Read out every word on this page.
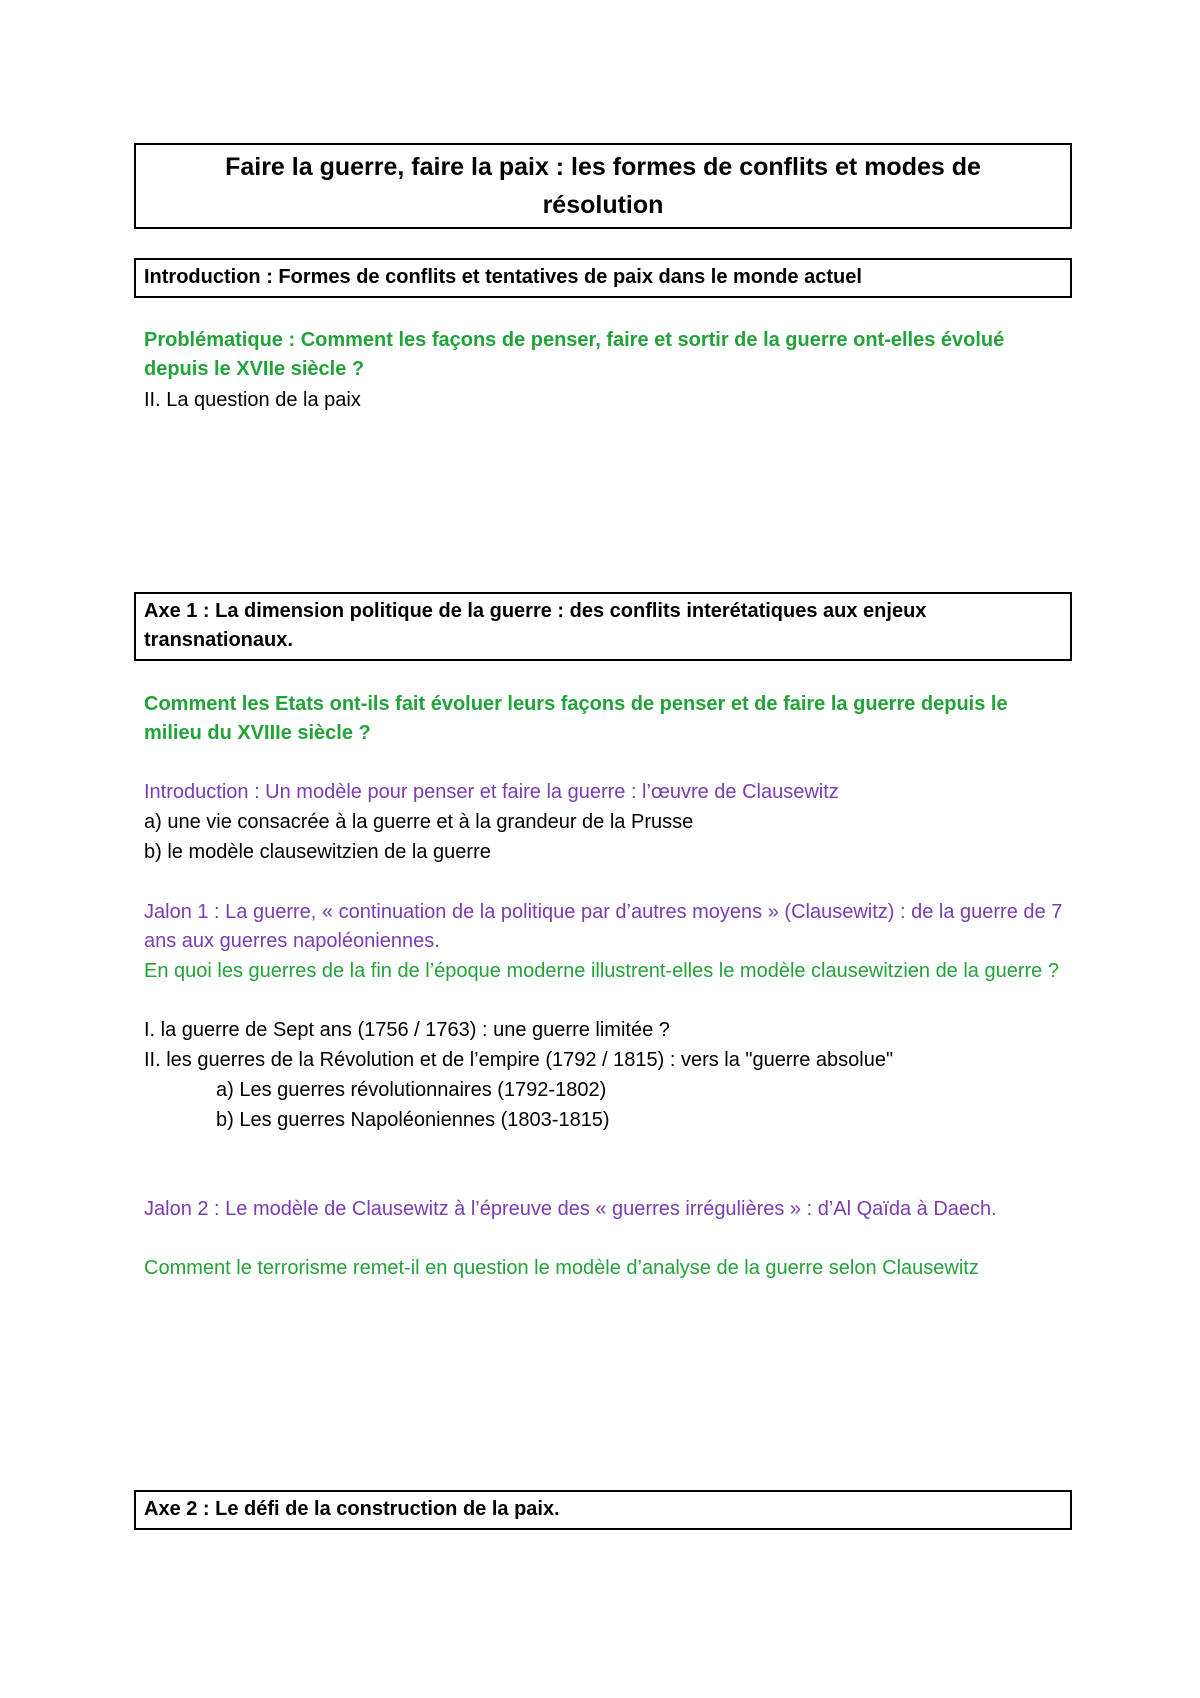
Faire la guerre, faire la paix : les formes de conflits et modes de résolution
Introduction : Formes de conflits et tentatives de paix dans le monde actuel

Problématique : Comment les façons de penser, faire et sortir de la guerre ont-elles évolué depuis le XVIIe siècle ?

II. La question de la paix

Axe 1 : La dimension politique de la guerre : des conflits interétatiques aux enjeux transnationaux.

Comment les Etats ont-ils fait évoluer leurs façons de penser et de faire la guerre depuis le milieu du XVIIIe siècle ?

Introduction : Un modèle pour penser et faire la guerre : l’œuvre de Clausewitz

a) une vie consacrée à la guerre et à la grandeur de la Prusse

b) le modèle clausewitzien de la guerre

Jalon 1 : La guerre, « continuation de la politique par d’autres moyens » (Clausewitz) : de la guerre de 7 ans aux guerres napoléoniennes.

En quoi les guerres de la fin de l’époque moderne illustrent-elles le modèle clausewitzien de la guerre ?

I. la guerre de Sept ans (1756 / 1763) : une guerre limitée ?

II. les guerres de la Révolution et de l’empire (1792 / 1815) : vers la "guerre absolue"

a) Les guerres révolutionnaires (1792-1802)

b) Les guerres Napoléoniennes (1803-1815)

Jalon 2 : Le modèle de Clausewitz à l’épreuve des « guerres irrégulières » : d’Al Qaïda à Daech.

Comment le terrorisme remet-il en question le modèle d’analyse de la guerre selon Clausewitz

Axe 2 : Le défi de la construction de la paix.
